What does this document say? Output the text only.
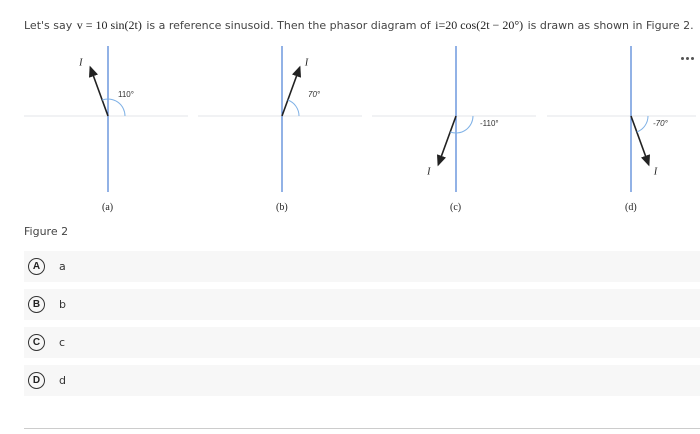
Let's say v = 10 sin(2t) is a reference sinusoid. Then the phasor diagram of i=20 cos(2t − 20°) is drawn as shown in Figure 2.
I
110°
(a)
I
70°
(b)
I
-110°
(c)
I
-70°
(d)
Figure 2
A	a
B	b
C	c
D	d
